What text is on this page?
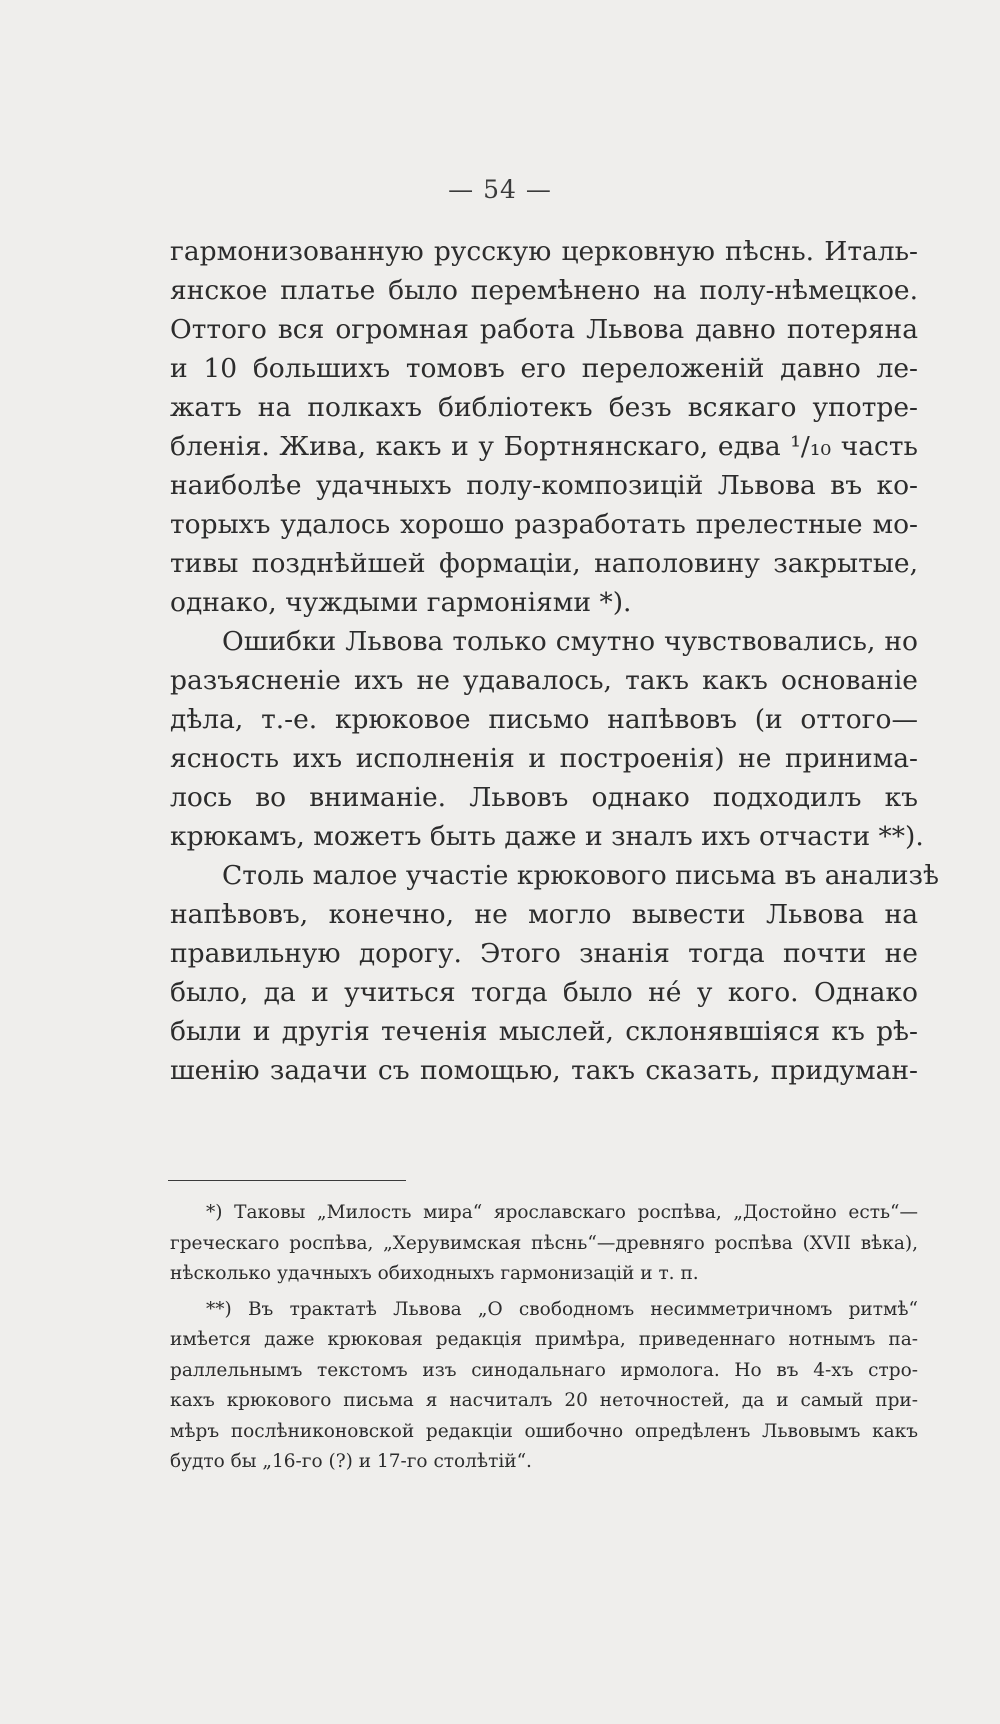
— 54 —
гармонизованную русскую церковную пѣснь. Италь-
янское платье было перемѣнено на полу-нѣмецкое.
Оттого вся огромная работа Львова давно потеряна
и 10 большихъ томовъ его переложеній давно ле-
жатъ на полкахъ библіотекъ безъ всякаго употре-
бленія. Жива, какъ и у Бортнянскаго, едва ¹/₁₀ часть
наиболѣе удачныхъ полу-композицій Львова въ ко-
торыхъ удалось хорошо разработать прелестные мо-
тивы позднѣйшей формаціи, наполовину закрытые,
однако, чуждыми гармоніями *).
Ошибки Львова только смутно чувствовались, но
разъясненіе ихъ не удавалось, такъ какъ основаніе
дѣла, т.-е. крюковое письмо напѣвовъ (и оттого—
ясность ихъ исполненія и построенія) не принима-
лось во вниманіе. Львовъ однако подходилъ къ
крюкамъ, можетъ быть даже и зналъ ихъ отчасти **).
Столь малое участіе крюкового письма въ анализѣ
напѣвовъ, конечно, не могло вывести Львова на
правильную дорогу. Этого знанія тогда почти не
было, да и учиться тогда было не́ у кого. Однако
были и другія теченія мыслей, склонявшіяся къ рѣ-
шенію задачи съ помощью, такъ сказать, придуман-
*) Таковы „Милость мира“ ярославскаго роспѣва, „Достойно есть“—
греческаго роспѣва, „Херувимская пѣснь“—древняго роспѣва (XVII вѣка),
нѣсколько удачныхъ обиходныхъ гармонизацій и т. п.
**) Въ трактатѣ Львова „О свободномъ несимметричномъ ритмѣ“
имѣется даже крюковая редакція примѣра, приведеннаго нотнымъ па-
раллельнымъ текстомъ изъ синодальнаго ирмолога. Но въ 4-хъ стро-
кахъ крюкового письма я насчиталъ 20 неточностей, да и самый при-
мѣръ послѣниконовской редакціи ошибочно опредѣленъ Львовымъ какъ
будто бы „16-го (?) и 17-го столѣтій“.
